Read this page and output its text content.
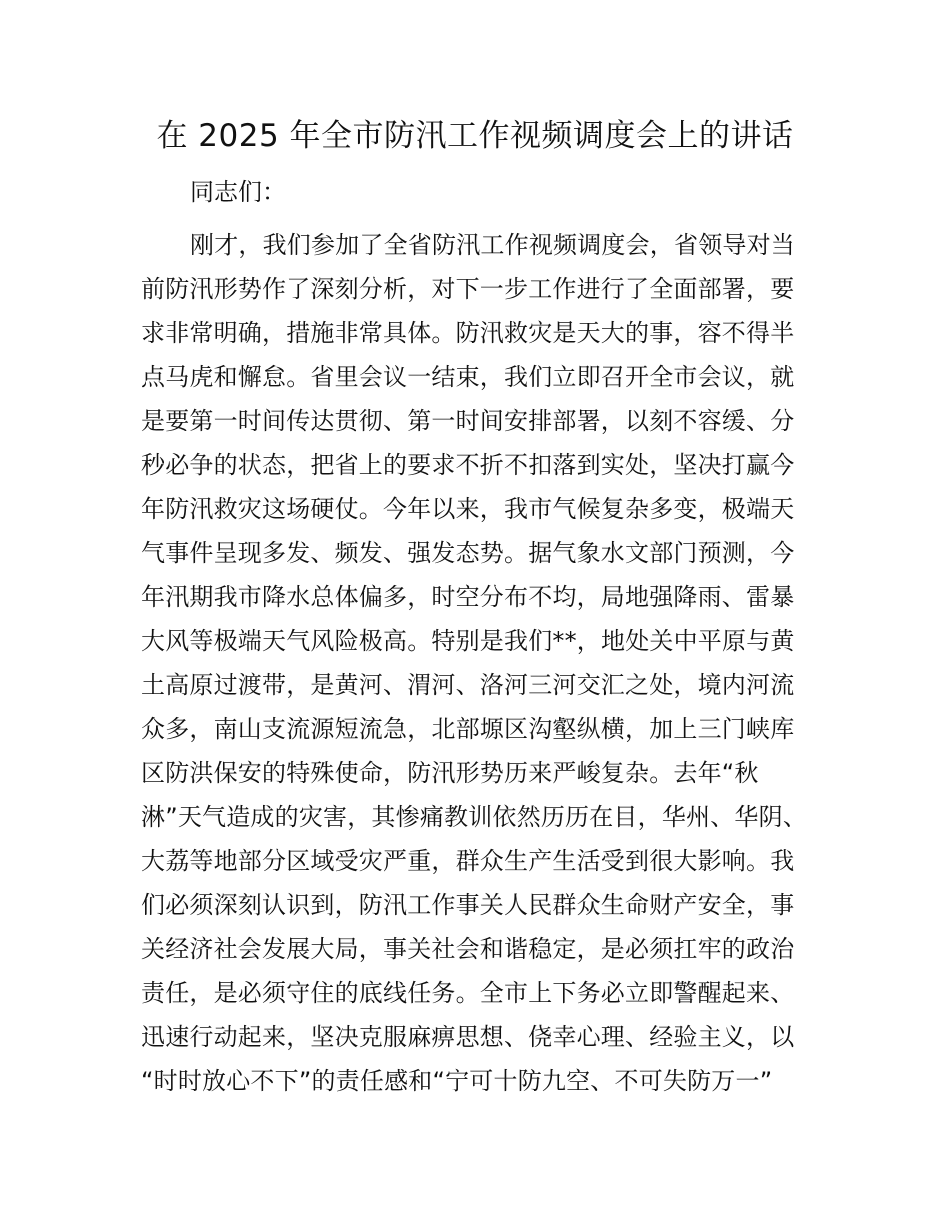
在 2025 年全市防汛工作视频调度会上的讲话
同志们：
刚才，我们参加了全省防汛工作视频调度会，省领导对当
前防汛形势作了深刻分析，对下一步工作进行了全面部署，要
求非常明确，措施非常具体。防汛救灾是天大的事，容不得半
点马虎和懈怠。省里会议一结束，我们立即召开全市会议，就
是要第一时间传达贯彻、第一时间安排部署，以刻不容缓、分
秒必争的状态，把省上的要求不折不扣落到实处，坚决打赢今
年防汛救灾这场硬仗。今年以来，我市气候复杂多变，极端天
气事件呈现多发、频发、强发态势。据气象水文部门预测，今
年汛期我市降水总体偏多，时空分布不均，局地强降雨、雷暴
大风等极端天气风险极高。特别是我们**，地处关中平原与黄
土高原过渡带，是黄河、渭河、洛河三河交汇之处，境内河流
众多，南山支流源短流急，北部塬区沟壑纵横，加上三门峡库
区防洪保安的特殊使命，防汛形势历来严峻复杂。去年“秋
淋”天气造成的灾害，其惨痛教训依然历历在目，华州、华阴、
大荔等地部分区域受灾严重，群众生产生活受到很大影响。我
们必须深刻认识到，防汛工作事关人民群众生命财产安全，事
关经济社会发展大局，事关社会和谐稳定，是必须扛牢的政治
责任，是必须守住的底线任务。全市上下务必立即警醒起来、
迅速行动起来，坚决克服麻痹思想、侥幸心理、经验主义，以
“时时放心不下”的责任感和“宁可十防九空、不可失防万一”
